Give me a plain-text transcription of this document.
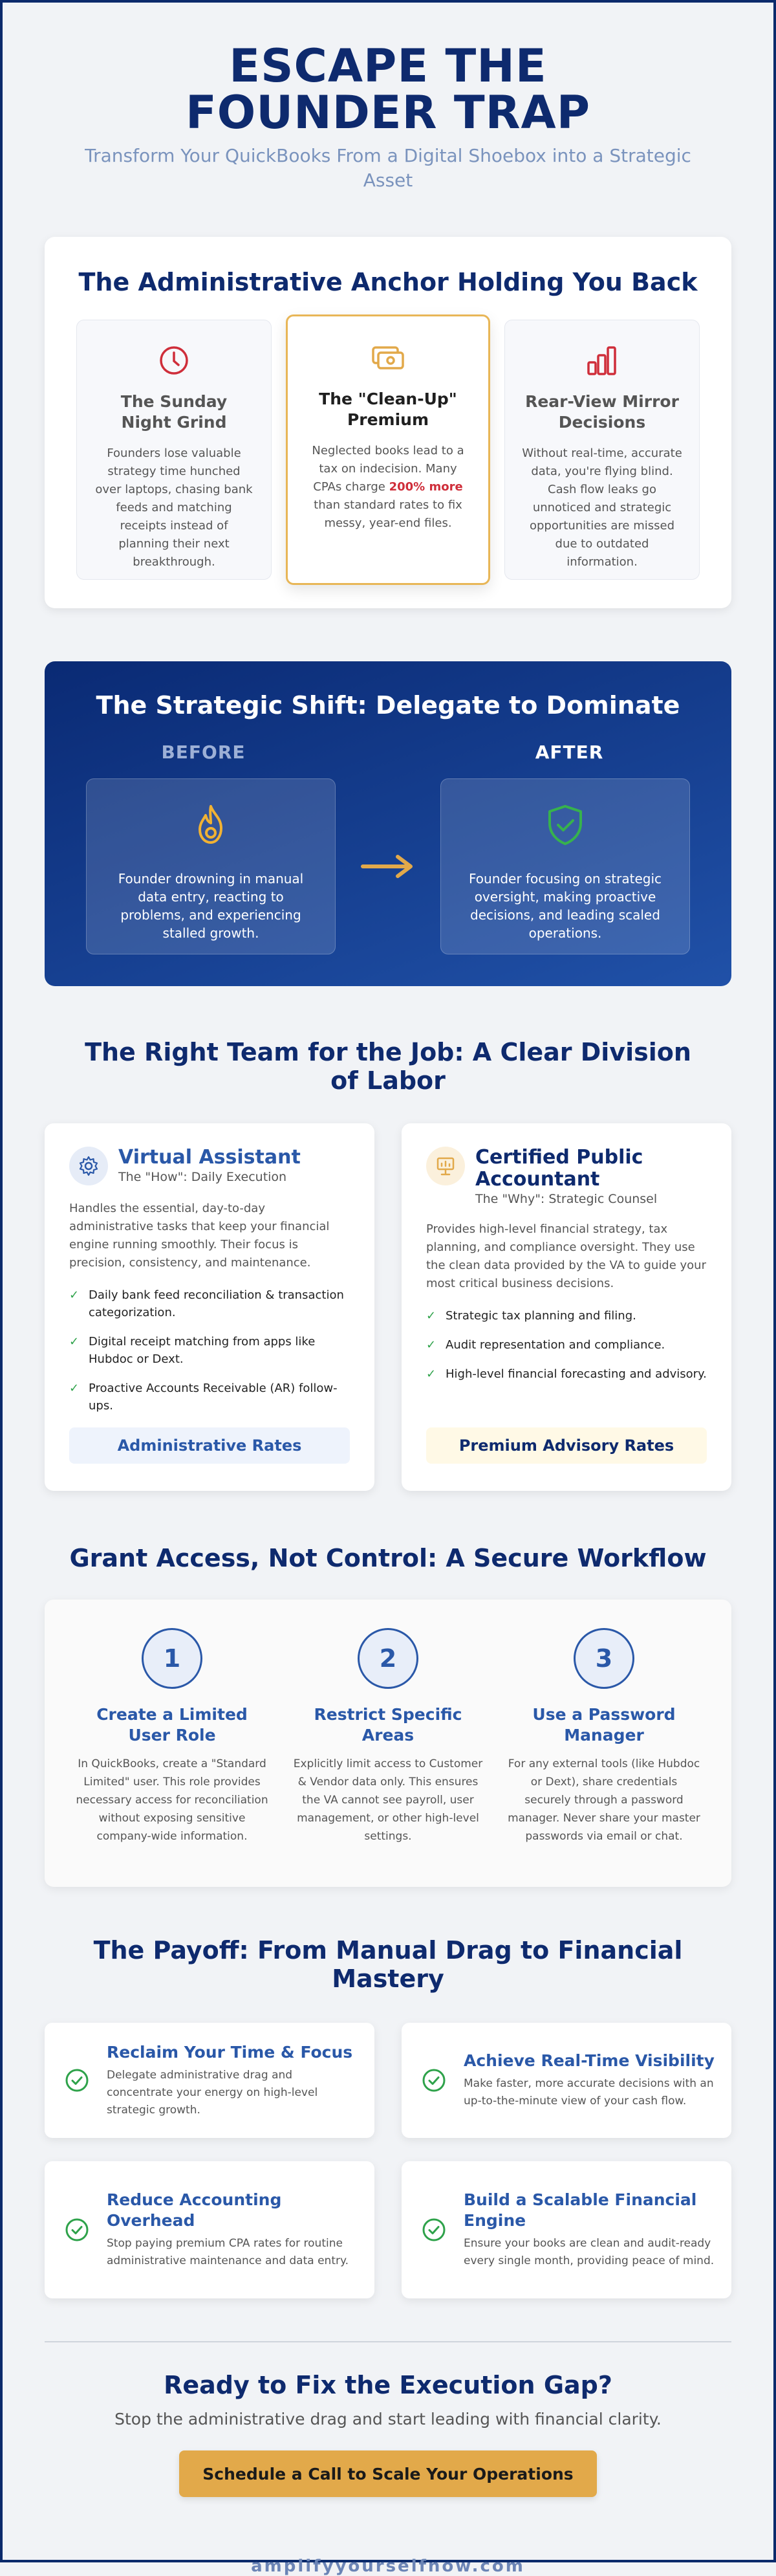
ESCAPE THE FOUNDER TRAP
Transform Your QuickBooks From a Digital Shoebox into a Strategic Asset
The Administrative Anchor Holding You Back
The Sunday Night Grind

Founders lose valuable strategy time hunched over laptops, chasing bank feeds and matching receipts instead of planning their next breakthrough.

The "Clean-Up" Premium

Neglected books lead to a tax on indecision. Many CPAs charge 200% more than standard rates to fix messy, year-end files.

Rear-View Mirror Decisions

Without real-time, accurate data, you're flying blind. Cash flow leaks go unnoticed and strategic opportunities are missed due to outdated information.

The Strategic Shift: Delegate to Dominate
BEFORE	AFTER

Founder drowning in manual data entry, reacting to problems, and experiencing stalled growth.

Founder focusing on strategic oversight, making proactive decisions, and leading scaled operations.

The Right Team for the Job: A Clear Division of Labor
Virtual Assistant
The "How": Daily Execution

Handles the essential, day-to-day administrative tasks that keep your financial engine running smoothly. Their focus is precision, consistency, and maintenance.

✓ Daily bank feed reconciliation & transaction categorization.
✓ Digital receipt matching from apps like Hubdoc or Dext.
✓ Proactive Accounts Receivable (AR) follow-ups.
Administrative Rates
Certified Public Accountant
The "Why": Strategic Counsel

Provides high-level financial strategy, tax planning, and compliance oversight. They use the clean data provided by the VA to guide your most critical business decisions.

✓ Strategic tax planning and filing.
✓ Audit representation and compliance.
✓ High-level financial forecasting and advisory.
Premium Advisory Rates
Grant Access, Not Control: A Secure Workflow
1
Create a Limited User Role

In QuickBooks, create a "Standard Limited" user. This role provides necessary access for reconciliation without exposing sensitive company-wide information.

2
Restrict Specific Areas

Explicitly limit access to Customer & Vendor data only. This ensures the VA cannot see payroll, user management, or other high-level settings.

3
Use a Password Manager

For any external tools (like Hubdoc or Dext), share credentials securely through a password manager. Never share your master passwords via email or chat.

The Payoff: From Manual Drag to Financial Mastery
Reclaim Your Time & Focus

Delegate administrative drag and concentrate your energy on high-level strategic growth.

Achieve Real-Time Visibility

Make faster, more accurate decisions with an up-to-the-minute view of your cash flow.

Reduce Accounting Overhead

Stop paying premium CPA rates for routine administrative maintenance and data entry.

Build a Scalable Financial Engine

Ensure your books are clean and audit-ready every single month, providing peace of mind.

Ready to Fix the Execution Gap?

Stop the administrative drag and start leading with financial clarity.

Schedule a Call to Scale Your Operations
amplifyyourselfnow.com
